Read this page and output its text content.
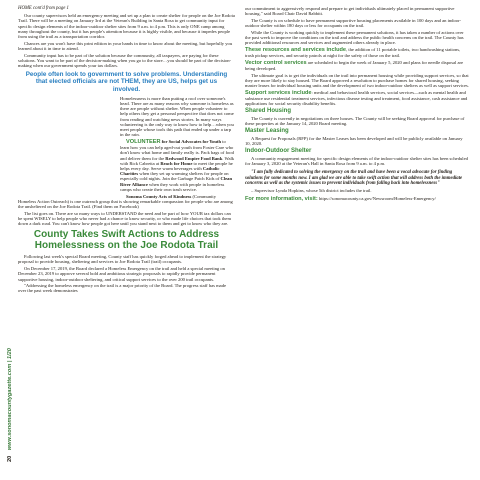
20 www.sonomacountygazette.com | 1/20

HOME cont'd from page 1

Our county supervisors held an emergency meeting and set up a plan to create shelter for people on the Joe Rodota Trail. There will be a meeting on January 3rd at the Veteran's Building in Santa Rosa to get community input for specific design elements of the indoor-outdoor shelter sites from 9 a.m. to 4 p.m. This is only ONE camp among many throughout the county, but it has people's attention because it is highly visible, and because it impedes people from using the trail as a transportation corridor.

Chances are you won't have this print edition in your hands in time to know about the meeting, but hopefully you learned about it in time to attend.

Community input has to be part of the solution because the community, all taxpayers, are paying for these solutions. You want to be part of the decision-making when you go to the store…you should be part of the decision-making when our government spends your tax dollars.

People often look to government to solve problems. Understanding that elected officials are not THEM, they are US, helps get us involved.

Homelessness is more than putting a roof over someone's head. There are as many reasons why someone is homeless as there are people without shelter. When people volunteer to help others they get a personal perspective that does not come from reading and watching news stories. In many ways volunteering is the only way to know how to help…when you meet people whose tools this path that ended up under a tarp in the rain.

VOLUNTEER for Social Advocates for Youth to learn how you can help aged-out youth from Foster Care who don't know what home and family really is. Pack bags of food and deliver them for the Redwood Empire Food Bank. Walk with Rick Cabretta at Reach for Home to meet the people he helps every day. Serve warm beverages with Catholic Charities when they set up warming shelters for people on especially cold nights. Join the Garbage Patch Kids of Clean River Alliance when they work with people in homeless camps who create their own trash service.

Sonoma County Acts of Kindness (Community Homeless Action Outreach) is one outreach group that is showing remarkable compassion for people who are among the unsheltered on the Joe Rodota Trail. (Find them on Facebook)

The list goes on. There are so many ways to UNDERSTAND the need and be part of how YOUR tax dollars can be spent WISELY to help people who never had a chance to know security, or who made life choices that took them down a dark road. You can't know how people got here until you stand next to them and get to know who they are.

County Takes Swift Actions to Address Homelessness on the Joe Rodota Trail

Following last week's special Board meeting, County staff has quickly forged ahead to implement the strategy proposal to provide housing, sheltering and services to Joe Rodota Trail (trail) occupants.

On December 17, 2019, the Board declared a Homeless Emergency on the trail and held a special meeting on December 23, 2019 to approve several bold and ambitious strategic proposals to rapidly provide permanent supportive housing, indoor-outdoor sheltering, and critical support services to the over 200 trail occupants.

"Addressing the homeless emergency on the trail is a major priority of the Board. The progress staff has made over the past week demonstrates

our commitment to aggressively respond and prepare to get individuals ultimately placed in permanent supportive housing," said Board Chair David Rabbitt.

The County is on schedule to have permanent supportive housing placements available in 100 days and an indoor-outdoor shelter within 180 days or less for occupants on the trail.

While the County is working quickly to implement these permanent solutions, it has taken a number of actions over the past week to improve the conditions on the trail and address the public health concerns on the trail. The County has provided additional resources and services and augmented others already in place.

These resources and services include, the addition of 11 portable toilets, two handwashing stations, trash pickup services, and security patrols at night for the safety of those on the trail.

Vector control services are scheduled to begin the week of January 5, 2020 and plans for needle disposal are being developed.

The ultimate goal is to get the individuals on the trail into permanent housing while providing support services, so that they are more likely to stay housed. The Board approved a resolution to purchase homes for shared housing, seeking master leases for individual housing units and the development of two indoor-outdoor shelters as well as support services.

Support services include: medical and behavioral health services, social services—such as mental health and substance use residential treatment services, infectious disease testing and treatment, food assistance, cash assistance and applications for social security disability benefits.

Shared Housing

The County is currently in negotiations on three houses. The County will be seeking Board approval for purchase of these properties at the January 14, 2020 Board meeting.

Master Leasing

A Request for Proposals (RFP) for the Master Leases has been developed and will be publicly available on January 10, 2020.

Indoor-Outdoor Shelter

A community engagement meeting for specific design elements of the indoor-outdoor shelter sites has been scheduled for January 3, 2020 at the Veteran's Hall in Santa Rosa from 9 a.m. to 4 p.m.

"I am fully dedicated to solving the emergency on the trail and have been a vocal advocate for finding solutions for some months now. I am glad we are able to take swift action that will address both the immediate concerns as well as the systemic issues to prevent individuals from falling back into homelessness"

– Supervisor Lynda Hopkins, whose 5th district includes the trail.

For more information, visit: https://sonomacounty.ca.gov/Newsroom/Homeless-Emergency/
